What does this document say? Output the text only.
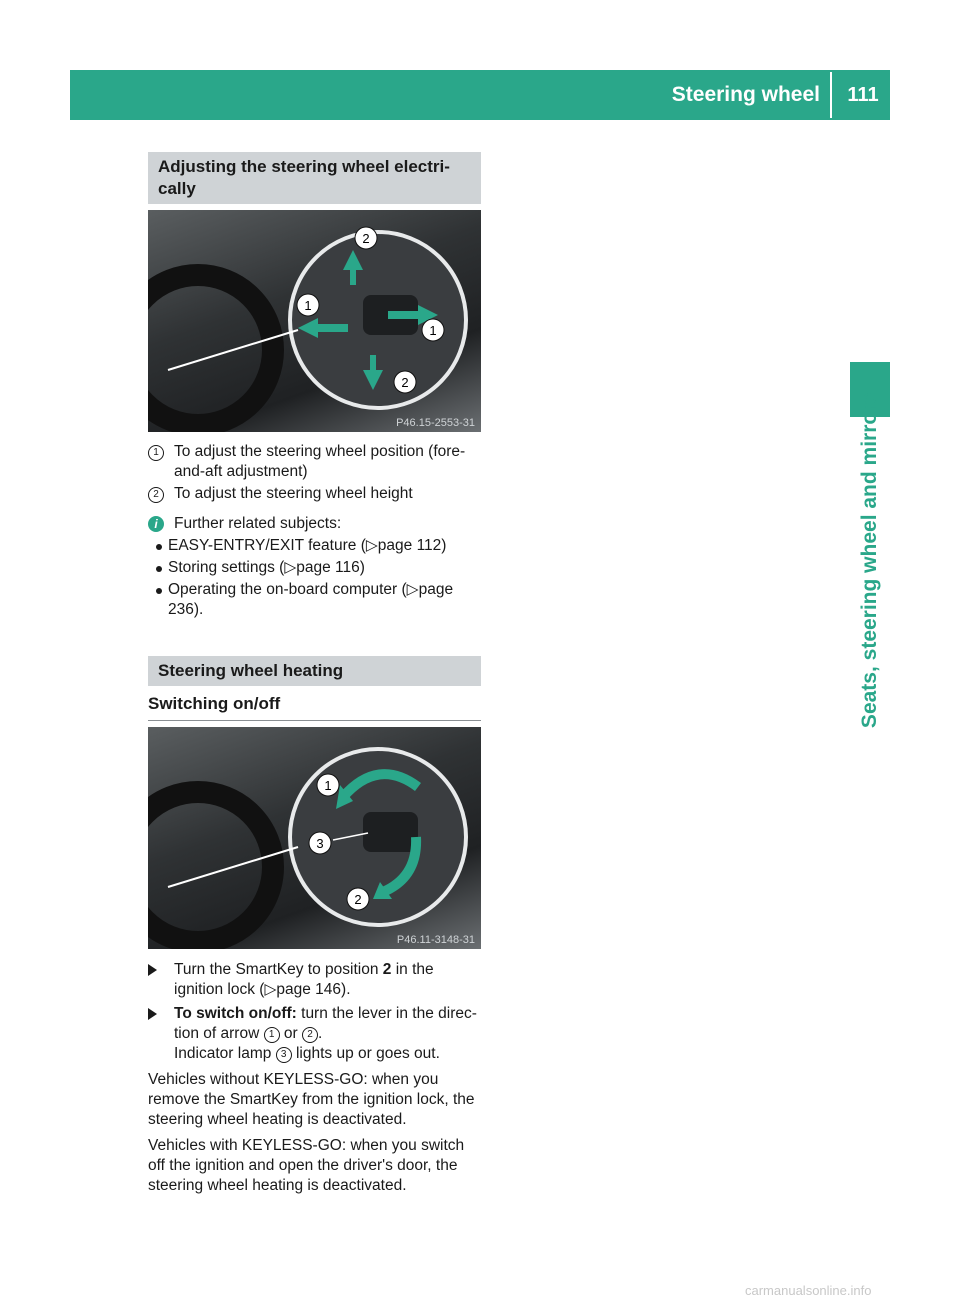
Steering wheel	111
Seats, steering wheel and mirrors
Adjusting the steering wheel electri-
cally
2
1
1
2
P46.15-2553-31
1 To adjust the steering wheel position (fore-and-aft adjustment)
2 To adjust the steering wheel height
i	Further related subjects:
EASY-ENTRY/EXIT feature (▷page 112)
Storing settings (▷page 116)
Operating the on-board computer (▷page 236).
Steering wheel heating
Switching on/off
1
3
2
P46.11-3148-31
Turn the SmartKey to position 2 in the ignition lock (▷page 146).
To switch on/off: turn the lever in the direc-tion of arrow 1 or 2 .
Indicator lamp 3 lights up or goes out.

Vehicles without KEYLESS-GO: when you remove the SmartKey from the ignition lock, the steering wheel heating is deactivated.

Vehicles with KEYLESS-GO: when you switch off the ignition and open the driver's door, the steering wheel heating is deactivated.

carmanualsonline.info
